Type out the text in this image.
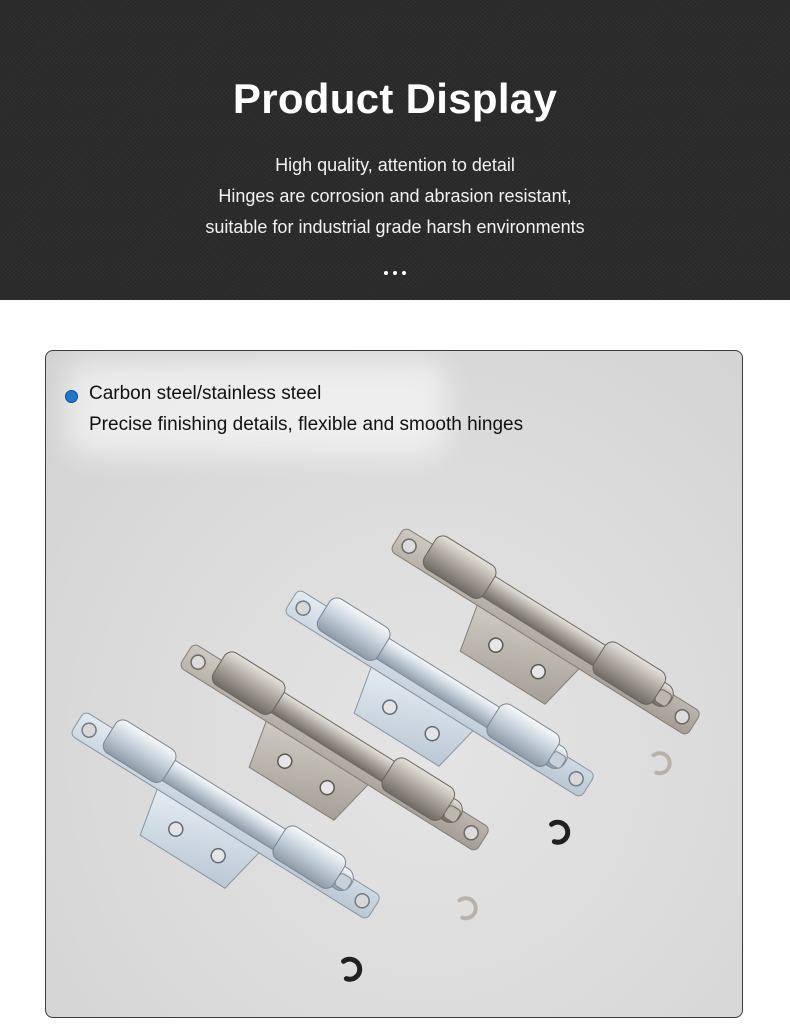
Product Display

High quality, attention to detail

Hinges are corrosion and abrasion resistant,

suitable for industrial grade harsh environments

Carbon steel/stainless steel

Precise finishing details, flexible and smooth hinges
